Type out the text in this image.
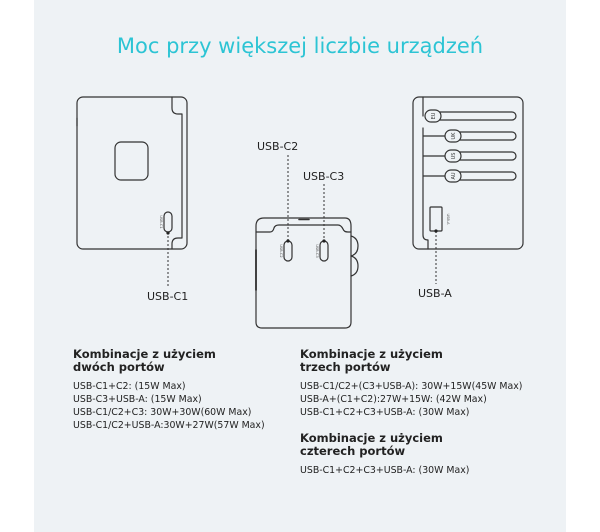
Moc przy większej liczbie urządzeń
EU
UK
US
AU
USB-C1
USB-C2	USB-C3
USB-A
USB-C1
USB-C2
USB-C3
USB-A
Kombinacje z użyciem
dwóch portów
USB-C1+C2: (15W Max)
USB-C3+USB-A: (15W Max)
USB-C1/C2+C3: 30W+30W(60W Max)
USB-C1/C2+USB-A:30W+27W(57W Max)
Kombinacje z użyciem
trzech portów
USB-C1/C2+(C3+USB-A): 30W+15W(45W Max)
USB-A+(C1+C2):27W+15W: (42W Max)
USB-C1+C2+C3+USB-A: (30W Max)
Kombinacje z użyciem
czterech portów
USB-C1+C2+C3+USB-A: (30W Max)
